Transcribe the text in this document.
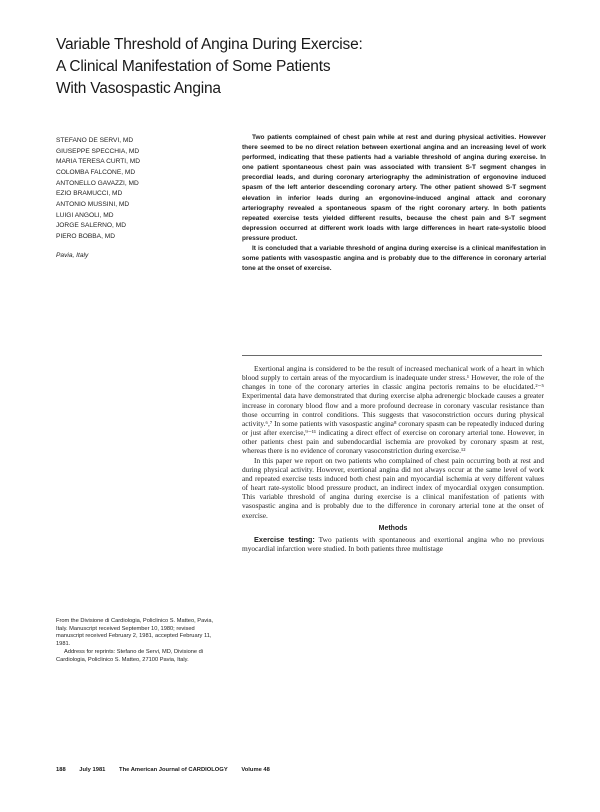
Variable Threshold of Angina During Exercise:
A Clinical Manifestation of Some Patients
With Vasospastic Angina
STEFANO DE SERVI, MD
GIUSEPPE SPECCHIA, MD
MARIA TERESA CURTI, MD
COLOMBA FALCONE, MD
ANTONELLO GAVAZZI, MD
EZIO BRAMUCCI, MD
ANTONIO MUSSINI, MD
LUIGI ANGOLI, MD
JORGE SALERNO, MD
PIERO BOBBA, MD
Pavia, Italy

Two patients complained of chest pain while at rest and during physical activities. However there seemed to be no direct relation between exertional angina and an increasing level of work performed, indicating that these patients had a variable threshold of angina during exercise. In one patient spontaneous chest pain was associated with transient S-T segment changes in precordial leads, and during coronary arteriography the administration of ergonovine induced spasm of the left anterior descending coronary artery. The other patient showed S-T segment elevation in inferior leads during an ergonovine-induced anginal attack and coronary arteriography revealed a spontaneous spasm of the right coronary artery. In both patients repeated exercise tests yielded different results, because the chest pain and S-T segment depression occurred at different work loads with large differences in heart rate-systolic blood pressure product.

It is concluded that a variable threshold of angina during exercise is a clinical manifestation in some patients with vasospastic angina and is probably due to the difference in coronary arterial tone at the onset of exercise.

Exertional angina is considered to be the result of increased mechanical work of a heart in which blood supply to certain areas of the myocardium is inadequate under stress.¹ However, the role of the changes in tone of the coronary arteries in classic angina pectoris remains to be elucidated.²⁻⁵ Experimental data have demonstrated that during exercise alpha adrenergic blockade causes a greater increase in coronary blood flow and a more profound decrease in coronary vascular resistance than those occurring in control conditions. This suggests that vasoconstriction occurs during physical activity.⁶,⁷ In some patients with vasospastic angina⁸ coronary spasm can be repeatedly induced during or just after exercise,⁹⁻¹¹ indicating a direct effect of exercise on coronary arterial tone. However, in other patients chest pain and subendocardial ischemia are provoked by coronary spasm at rest, whereas there is no evidence of coronary vasoconstriction during exercise.¹²

In this paper we report on two patients who complained of chest pain occurring both at rest and during physical activity. However, exertional angina did not always occur at the same level of work and repeated exercise tests induced both chest pain and myocardial ischemia at very different values of heart rate-systolic blood pressure product, an indirect index of myocardial oxygen consumption. This variable threshold of angina during exercise is a clinical manifestation of patients with vasospastic angina and is probably due to the difference in coronary arterial tone at the onset of exercise.

Methods

Exercise testing: Two patients with spontaneous and exertional angina who no previous myocardial infarction were studied. In both patients three multistage

From the Divisione di Cardiologia, Policlinico S. Matteo, Pavia, Italy. Manuscript received September 10, 1980; revised manuscript received February 2, 1981, accepted February 11, 1981.

Address for reprints: Stefano de Servi, MD, Divisione di Cardiologia, Policlinico S. Matteo, 27100 Pavia, Italy.

188 July 1981 The American Journal of CARDIOLOGY Volume 48
